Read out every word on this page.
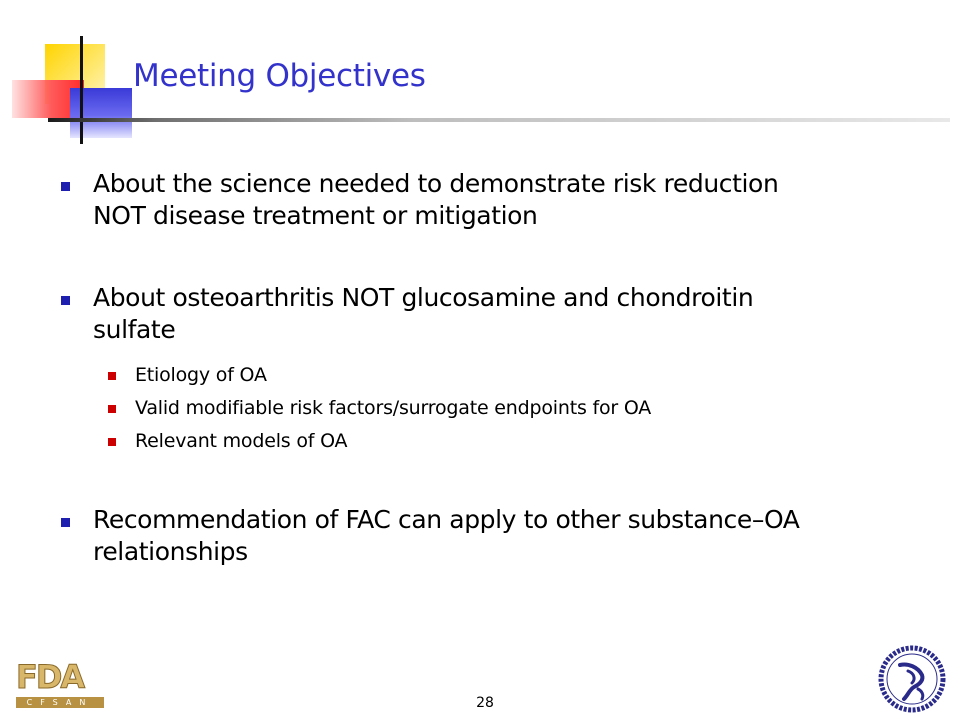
Meeting Objectives
About the science needed to demonstrate risk reduction
NOT disease treatment or mitigation
About osteoarthritis NOT glucosamine and chondroitin
sulfate
Etiology of OA
Valid modifiable risk factors/surrogate endpoints for OA
Relevant models of OA
Recommendation of FAC can apply to other substance–OA
relationships
FDA
CFSAN	28
